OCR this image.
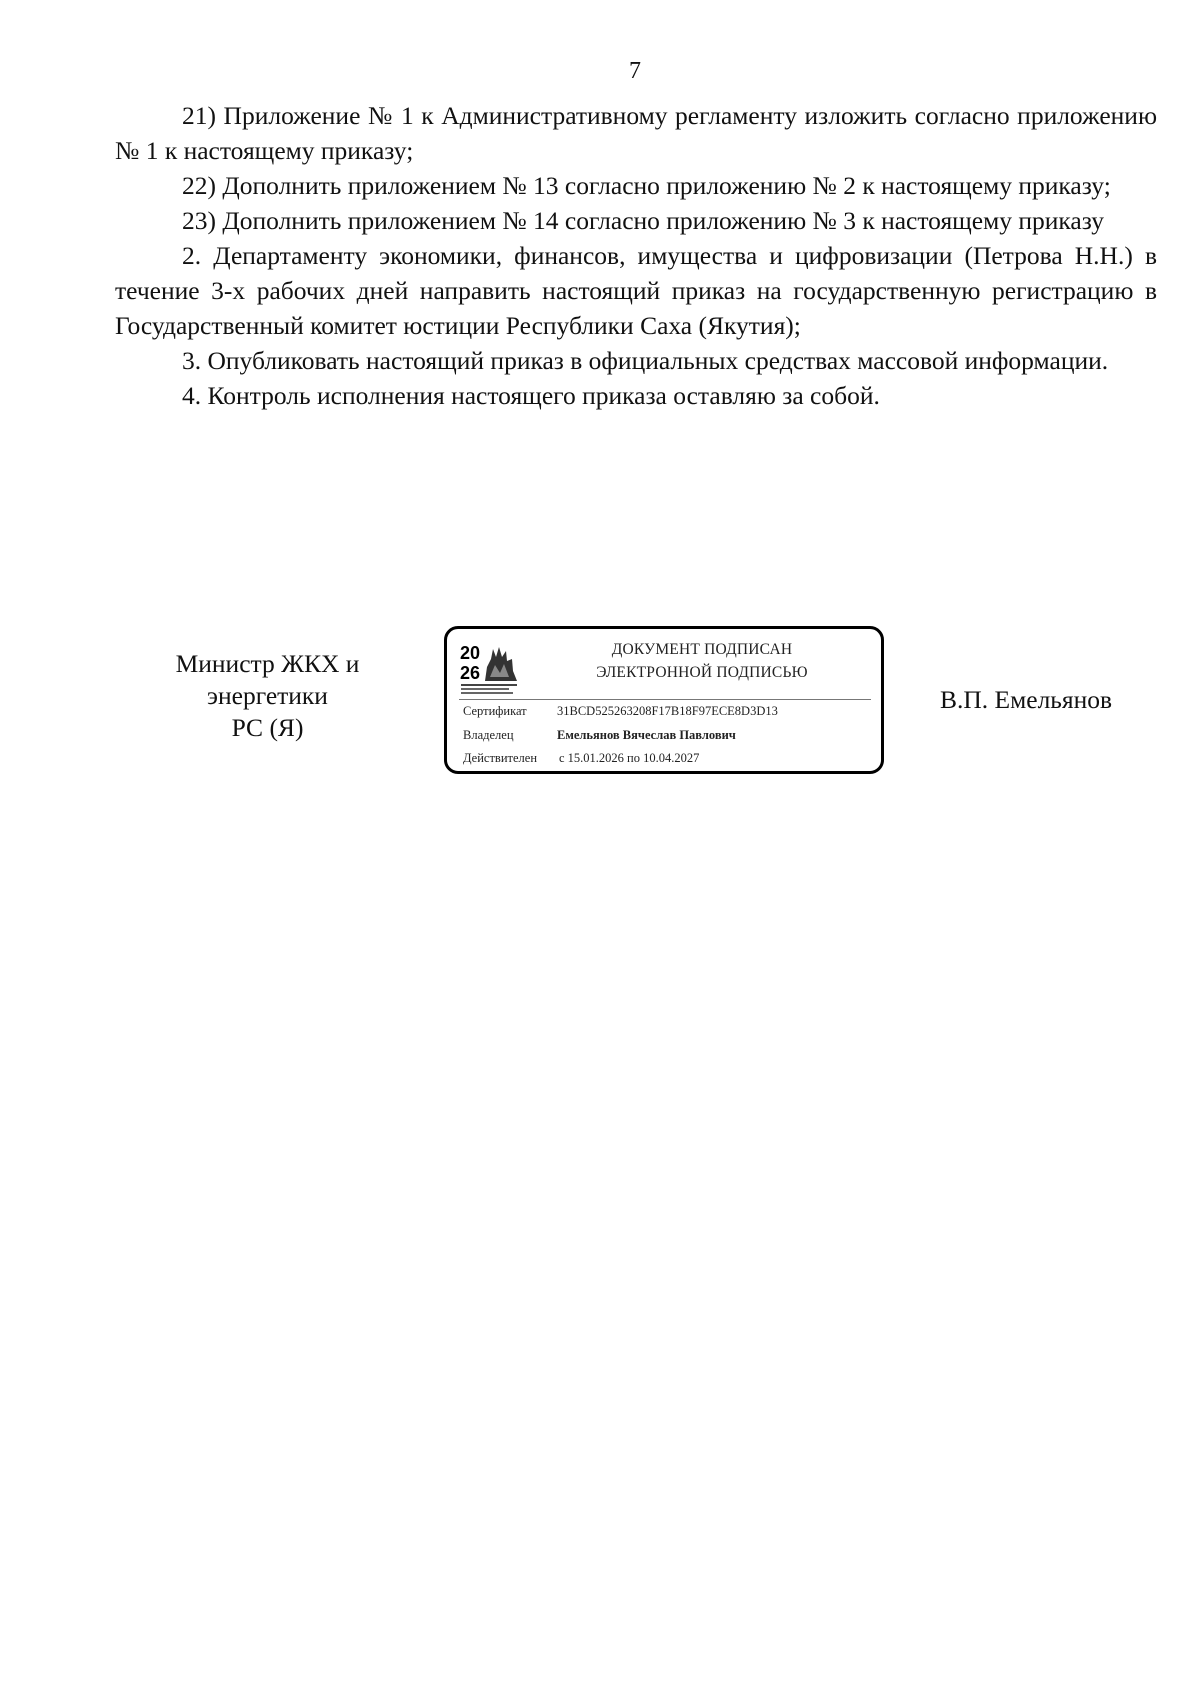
7

21) Приложение № 1 к Административному регламенту изложить согласно приложению № 1 к настоящему приказу;

22) Дополнить приложением № 13 согласно приложению № 2 к настоящему приказу;

23) Дополнить приложением № 14 согласно приложению № 3 к настоящему приказу

2. Департаменту экономики, финансов, имущества и цифровизации (Петрова Н.Н.) в течение 3-х рабочих дней направить настоящий приказ на государственную регистрацию в Государственный комитет юстиции Республики Саха (Якутия);

3. Опубликовать настоящий приказ в официальных средствах массовой информации.

4. Контроль исполнения настоящего приказа оставляю за собой.

Министр ЖКХ и
энергетики
РС (Я)
20
26
ДОКУМЕНТ ПОДПИСАН
ЭЛЕКТРОННОЙ ПОДПИСЬЮ
Сертификат 31BCD525263208F17B18F97ECE8D3D13
Владелец	Емельянов Вячеслав Павлович
Действителен с 15.01.2026 по 10.04.2027
В.П. Емельянов
